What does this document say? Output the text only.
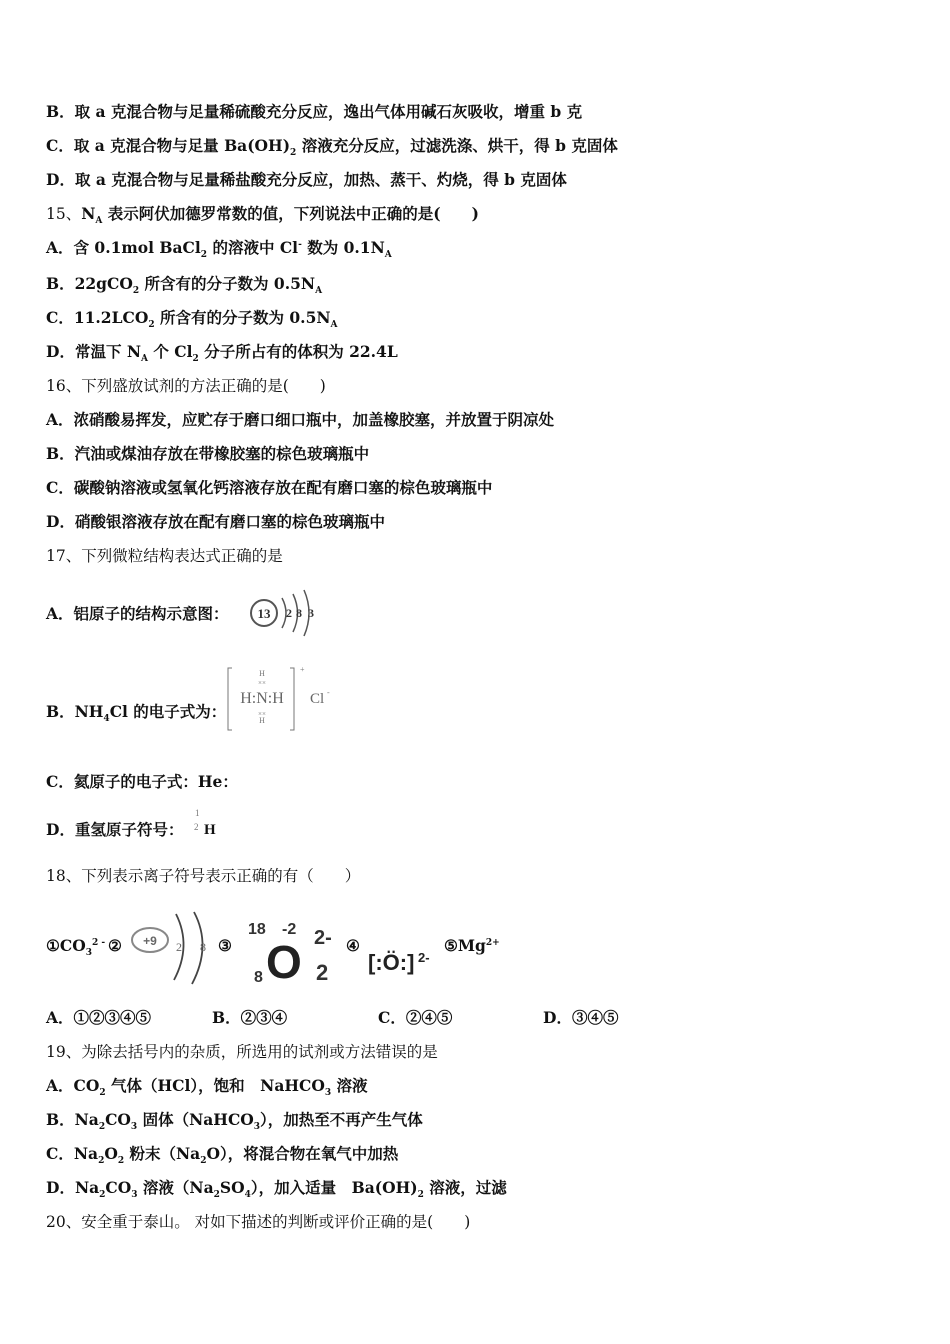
B．取 a 克混合物与足量稀硫酸充分反应，逸出气体用碱石灰吸收，增重 b 克
C．取 a 克混合物与足量 $Ba(OH)_2$ 溶液充分反应，过滤洗涤、烘干，得 b 克固体
D．取 a 克混合物与足量稀盐酸充分反应，加热、蒸干、灼烧，得 b 克固体
15、$N_A$ 表示阿伏加德罗常数的值，下列说法中正确的是(　　)
A．含 0.1mol BaCl$_2$ 的溶液中 Cl- 数为 $0.1N_A$
B．22gCO$_2$ 所含有的分子数为 $0.5N_A$
C．$11.2LCO_2$ 所含有的分子数为 $0.5N_A$
D．常温下 $N_A$ 个 $Cl_2$ 分子所占有的体积为 22.4L
16、下列盛放试剂的方法正确的是(　　)
A．浓硝酸易挥发，应贮存于磨口细口瓶中，加盖橡胶塞，并放置于阴凉处
B．汽油或煤油存放在带橡胶塞的棕色玻璃瓶中
C．碳酸钠溶液或氢氧化钙溶液存放在配有磨口塞的棕色玻璃瓶中
D．硝酸银溶液存放在配有磨口塞的棕色玻璃瓶中
17、下列微粒结构表达式正确的是
A．铝原子的结构示意图： 13 2 8 3
B．$NH_4Cl$ 的电子式为：
H
××
H:N:H
××
H
+
Cl -
C．氦原子的电子式：He：
D．重氢原子符号：
1
2 H
18、下列表示离子符号表示正确的有（　　）
$①CO_3^{2 -}$ ② +9 2 8 ③
18 -2
8 O 2-
2
④
[:Ö:] 2-
$⑤Mg^{2+}$
A．①②③④⑤	B．②③④	C．②④⑤	D．③④⑤
19、为除去括号内的杂质，所选用的试剂或方法错误的是
A．$CO_2$ 气体（HCl），饱和　NaHCO$_3$ 溶液
B．$Na_2CO_3$ 固体（NaHCO$_3$），加热至不再产生气体
C．$Na_2O_2$ 粉末$(Na_2O)$，将混合物在氧气中加热
D．$Na_2CO_3$ 溶液$(Na_2SO_4)$，加入适量　$Ba(OH)_2$ 溶液，过滤
20、安全重于泰山。 对如下描述的判断或评价正确的是(　　)
